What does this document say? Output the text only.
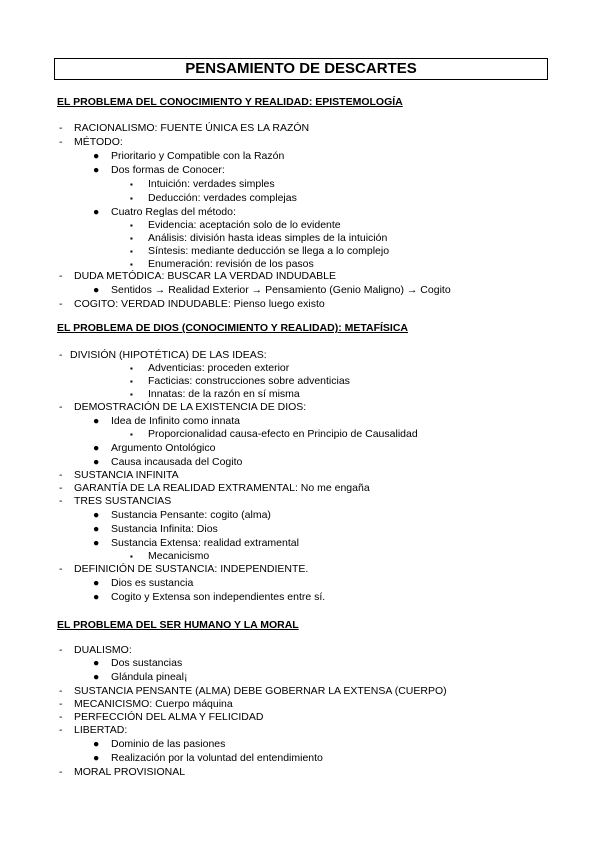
PENSAMIENTO DE DESCARTES
EL PROBLEMA DEL CONOCIMIENTO Y REALIDAD: EPISTEMOLOGÍA
- RACIONALISMO: FUENTE ÚNICA ES LA RAZÓN
- MÉTODO:
● Prioritario y Compatible con la Razón
● Dos formas de Conocer:
▪ Intuición: verdades simples
▪ Deducción: verdades complejas
● Cuatro Reglas del método:
▪ Evidencia: aceptación solo de lo evidente
▪ Análisis: división hasta ideas simples de la intuición
▪ Síntesis: mediante deducción se llega a lo complejo
▪ Enumeración: revisión de los pasos
- DUDA METÓDICA: BUSCAR LA VERDAD INDUDABLE
● Sentidos → Realidad Exterior → Pensamiento (Genio Maligno) → Cogito
- COGITO: VERDAD INDUDABLE: Pienso luego existo
EL PROBLEMA DE DIOS (CONOCIMIENTO Y REALIDAD): METAFÍSICA
- DIVISIÓN (HIPOTÉTICA) DE LAS IDEAS:
▪ Adventicias: proceden exterior
▪ Facticias: construcciones sobre adventicias
▪ Innatas: de la razón en sí misma
- DEMOSTRACIÓN DE LA EXISTENCIA DE DIOS:
● Idea de Infinito como innata
▪ Proporcionalidad causa-efecto en Principio de Causalidad
● Argumento Ontológico
● Causa incausada del Cogito
- SUSTANCIA INFINITA
- GARANTÍA DE LA REALIDAD EXTRAMENTAL: No me engaña
- TRES SUSTANCIAS
● Sustancia Pensante: cogito (alma)
● Sustancia Infinita: Dios
● Sustancia Extensa: realidad extramental
▪ Mecanicismo
- DEFINICIÓN DE SUSTANCIA: INDEPENDIENTE.
● Dios es sustancia
● Cogito y Extensa son independientes entre sí.
EL PROBLEMA DEL SER HUMANO Y LA MORAL
- DUALISMO:
● Dos sustancias
● Glándula pineal¡
- SUSTANCIA PENSANTE (ALMA) DEBE GOBERNAR LA EXTENSA (CUERPO)
- MECANICISMO: Cuerpo máquina
- PERFECCIÓN DEL ALMA Y FELICIDAD
- LIBERTAD:
● Dominio de las pasiones
● Realización por la voluntad del entendimiento
- MORAL PROVISIONAL
